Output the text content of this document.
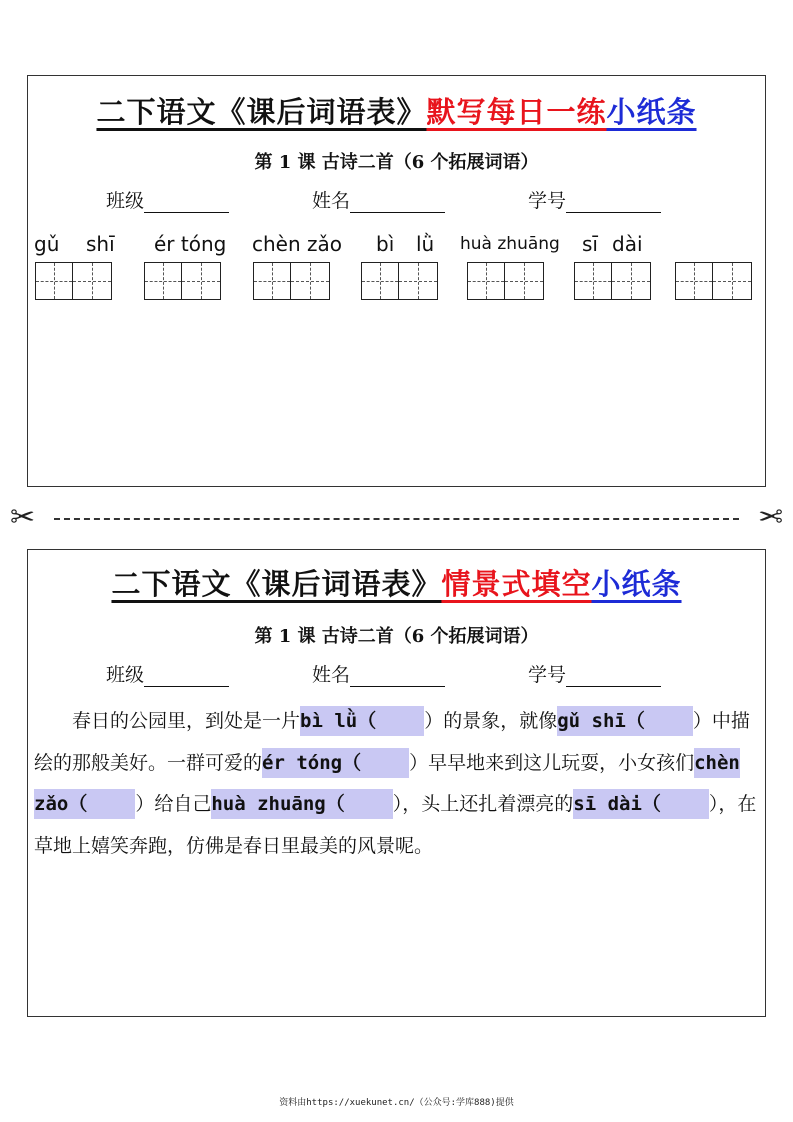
二下语文《课后词语表》默写每日一练小纸条
第 1 课 古诗二首（6 个拓展词语）
班级	姓名	学号
gǔ shī ér tóng chèn zǎo bì lǜ huà zhuāng sī dài
✂	✂
二下语文《课后词语表》情景式填空小纸条
第 1 课 古诗二首（6 个拓展词语）
班级	姓名	学号
春日的公园里，到处是一片bì lǜ（	）的景象，就像gǔ shī（	）中描绘的那般美好。一群可爱的ér tóng（	）早早地来到这儿玩耍，小女孩们chèn zǎo（	）给自己huà zhuāng（	），头上还扎着漂亮的sī dài（	），在草地上嬉笑奔跑，仿佛是春日里最美的风景呢。
资料由https://xuekunet.cn/（公众号:学库888)提供
